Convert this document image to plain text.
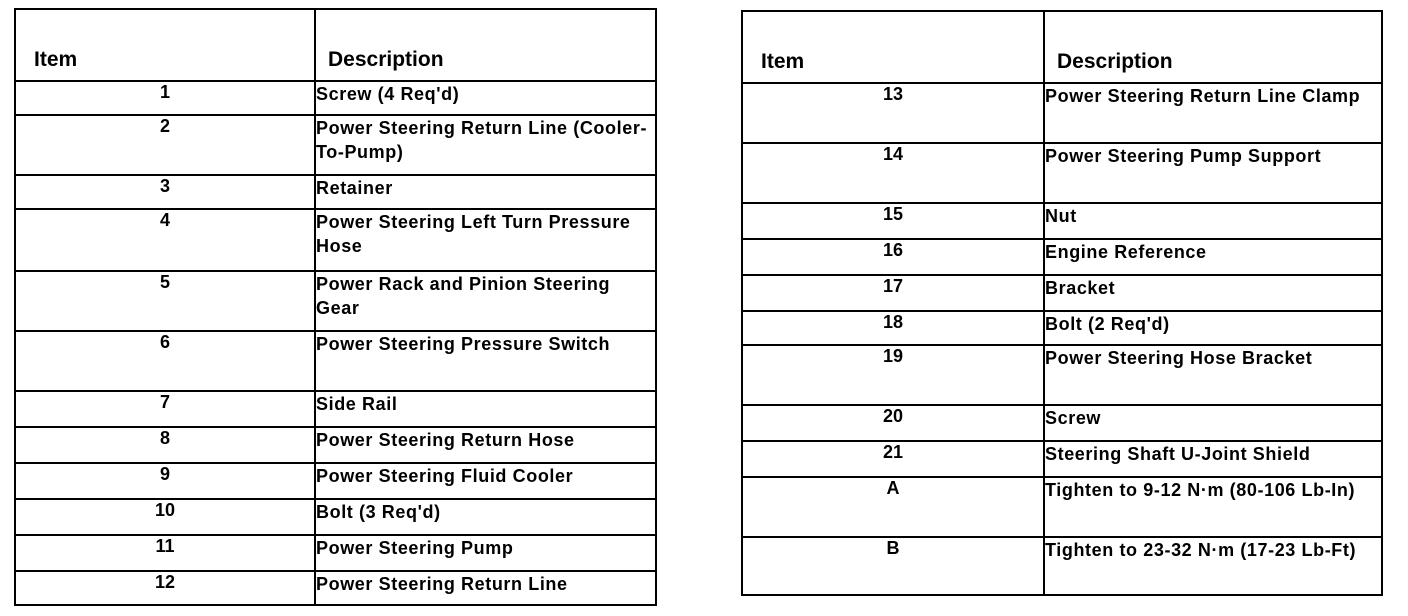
Item	Description
1	Screw (4 Req'd)
2	Power Steering Return Line (Cooler-To-Pump)
3	Retainer
4	Power Steering Left Turn Pressure Hose
5	Power Rack and Pinion Steering Gear
6	Power Steering Pressure Switch
7	Side Rail
8	Power Steering Return Hose
9	Power Steering Fluid Cooler
10	Bolt (3 Req'd)
11	Power Steering Pump
12	Power Steering Return Line
Item	Description
13	Power Steering Return Line Clamp
14	Power Steering Pump Support
15	Nut
16	Engine Reference
17	Bracket
18	Bolt (2 Req'd)
19	Power Steering Hose Bracket
20	Screw
21	Steering Shaft U-Joint Shield
A	Tighten to 9-12 N·m (80-106 Lb-In)
B	Tighten to 23-32 N·m (17-23 Lb-Ft)
